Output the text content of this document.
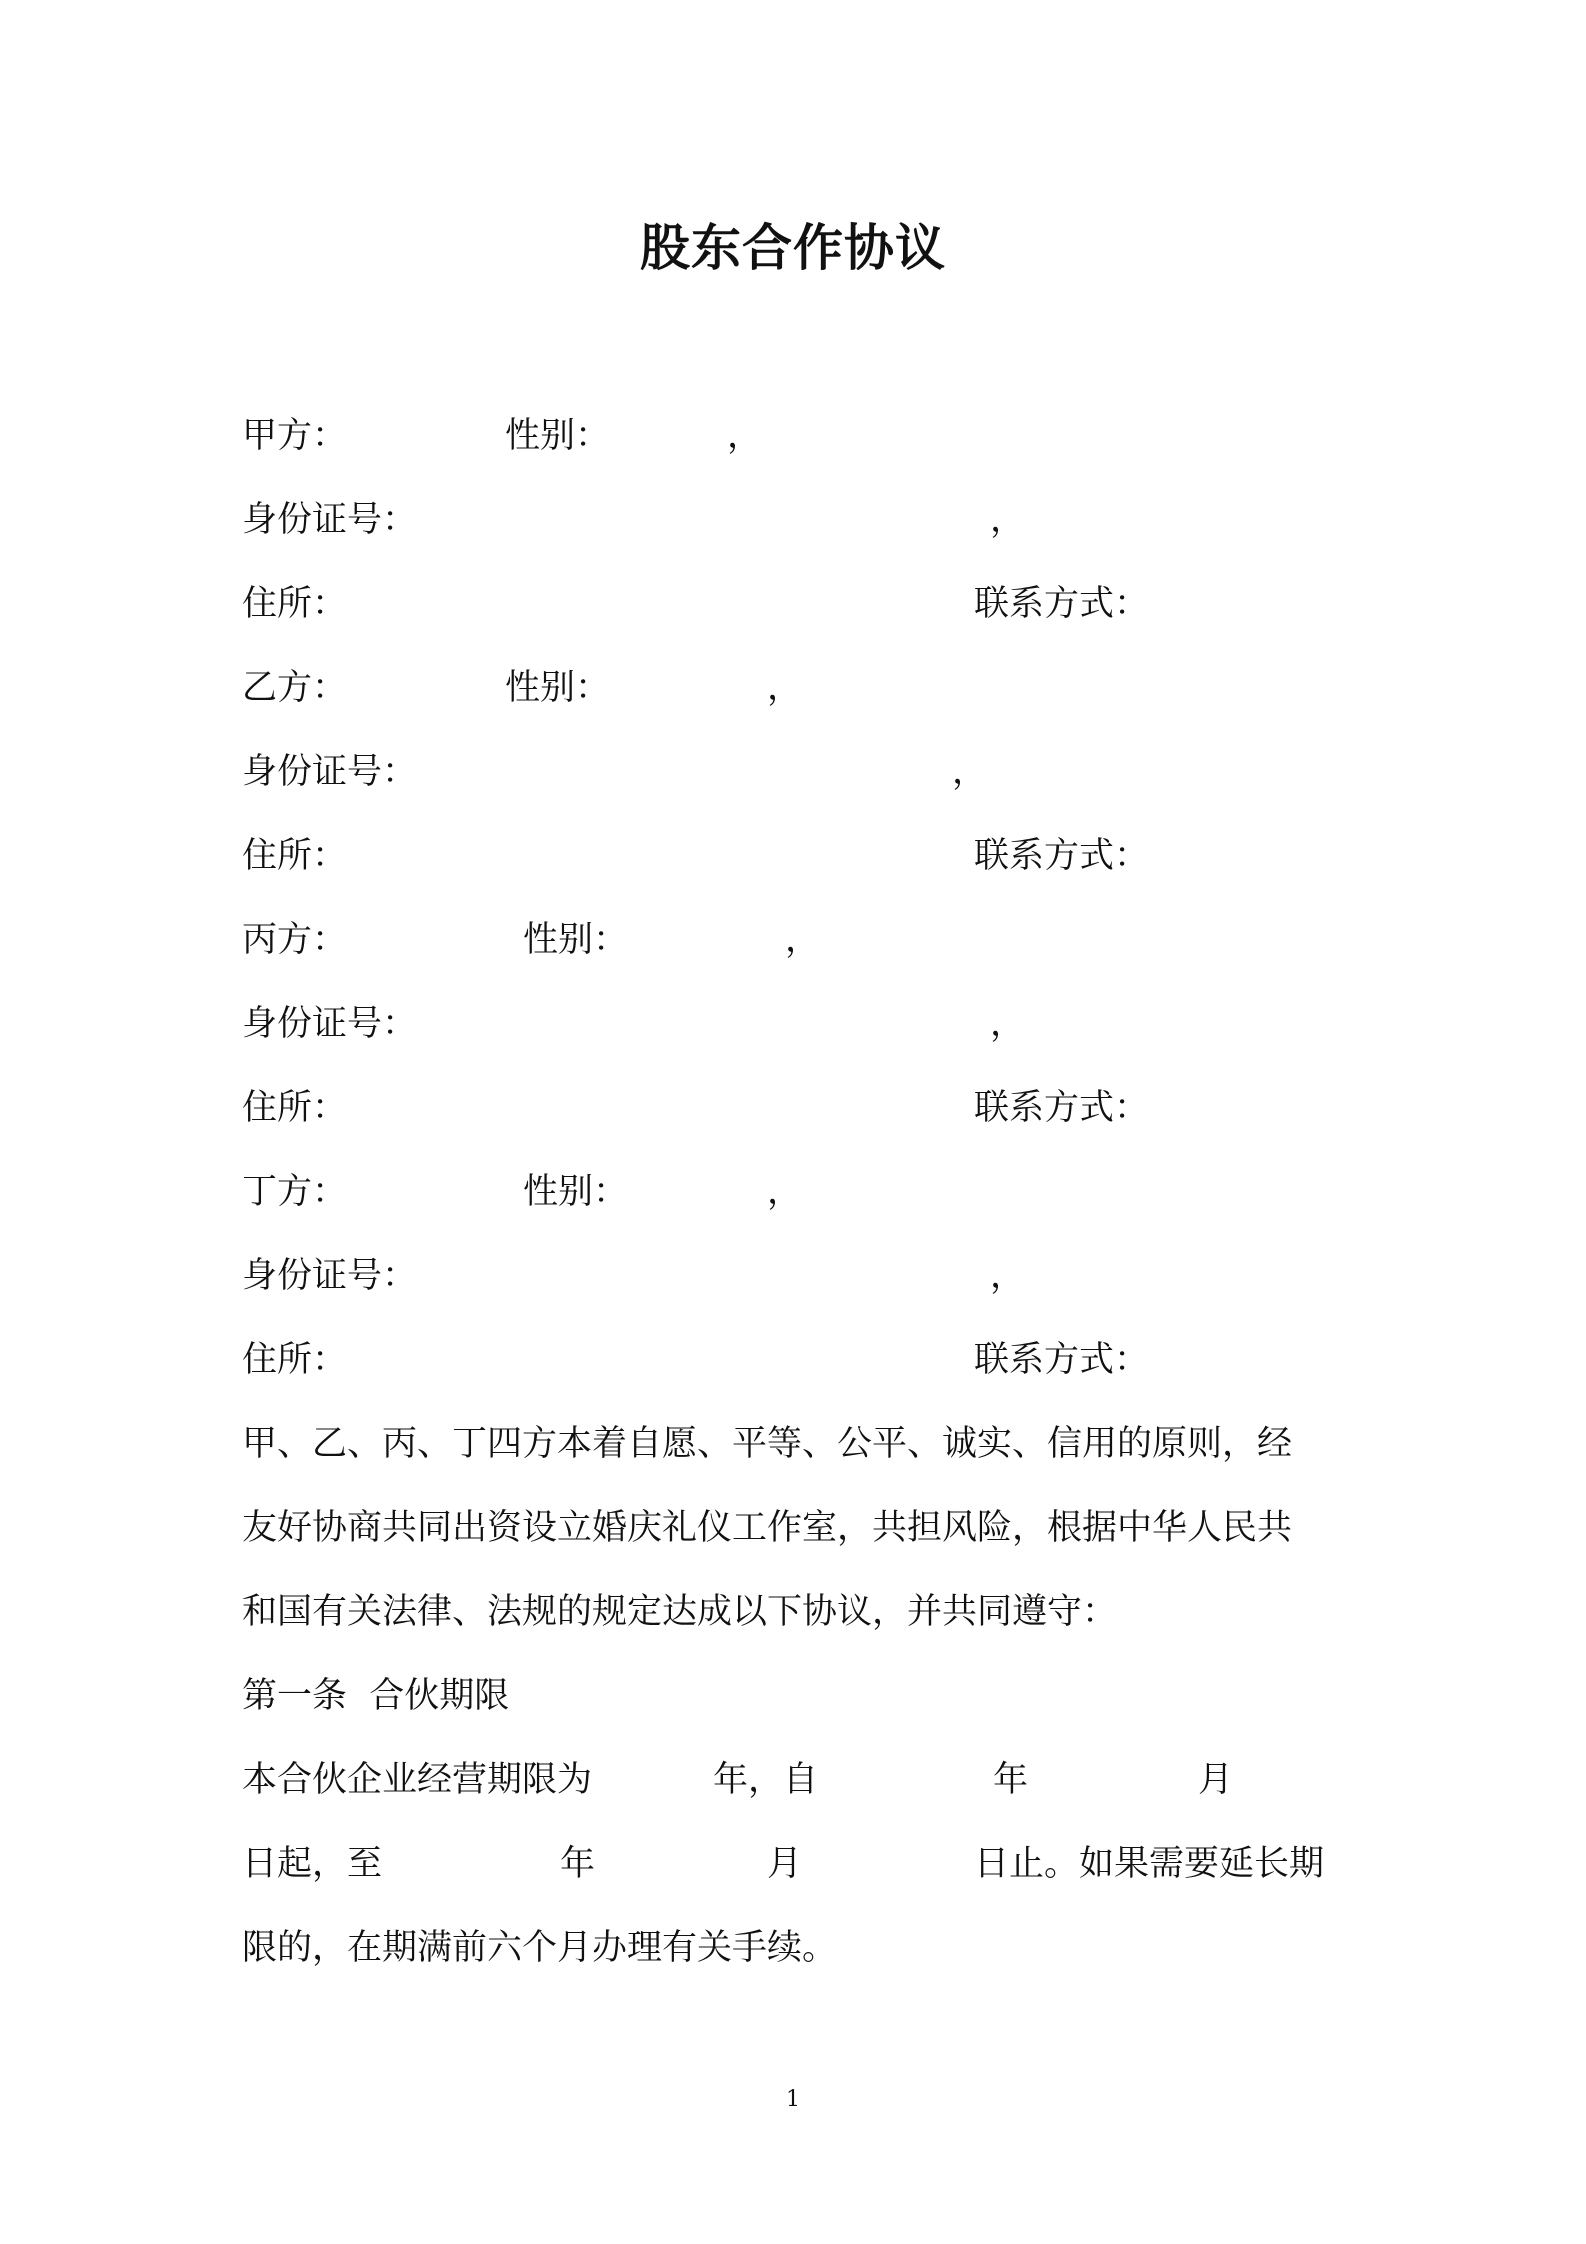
股东合作协议
甲方：	性别：	，
身份证号：	，
住所：	联系方式：
乙方：	性别：	，
身份证号：	，
住所：	联系方式：
丙方：	性别：	，
身份证号：	，
住所：	联系方式：
丁方：	性别：	，
身份证号：	，
住所：	联系方式：
甲、乙、丙、丁四方本着自愿、平等、公平、诚实、信用的原则，经
友好协商共同出资设立婚庆礼仪工作室，共担风险，根据中华人民共
和国有关法律、法规的规定达成以下协议，并共同遵守：
第一条  合伙期限
本合伙企业经营期限为	年，自	年	月
日起，至	年	月	日止。如果需要延长期
限的，在期满前六个月办理有关手续。
1
